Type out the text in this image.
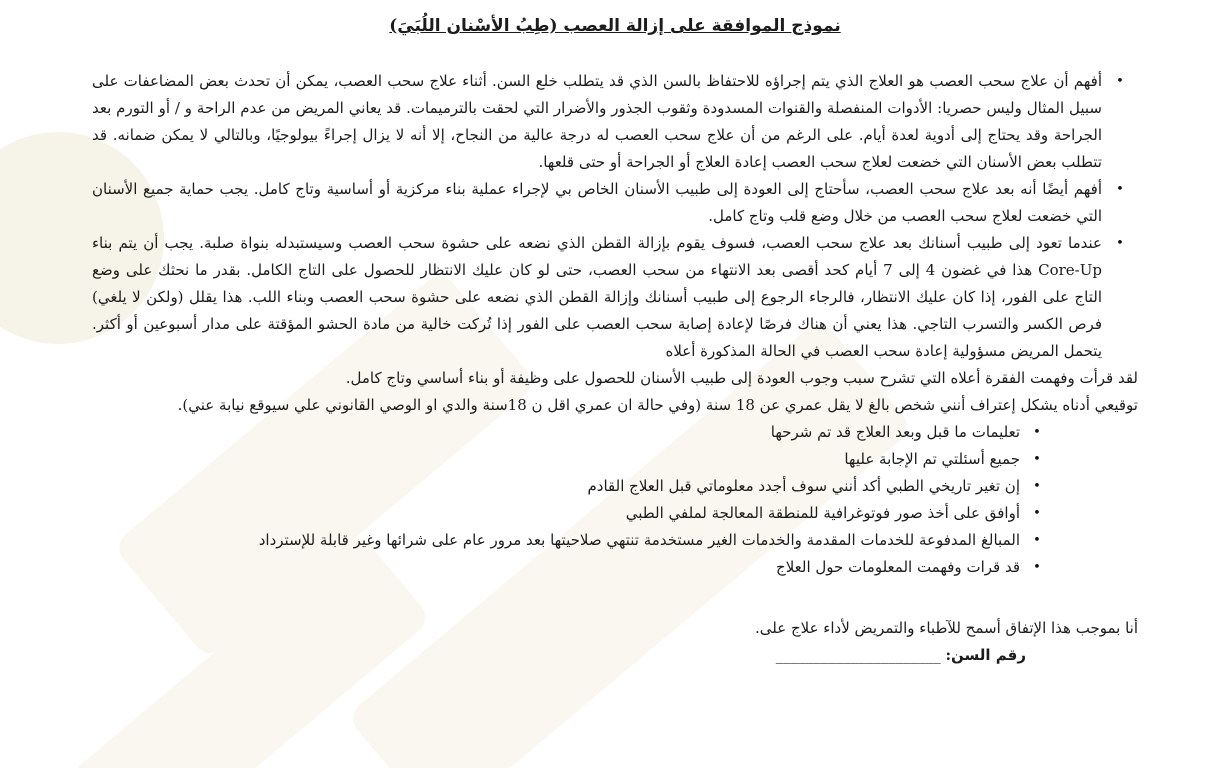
نموذج الموافقة على إزالة العصب (طِبُ الأسْنان اللُبَيَ)
•
أفهم أن علاج سحب العصب هو العلاج الذي يتم إجراؤه للاحتفاظ بالسن الذي قد يتطلب خلع السن. أثناء علاج سحب العصب، يمكن أن تحدث بعض المضاعفات على سبيل المثال وليس حصريا: الأدوات المنفصلة والقنوات المسدودة وثقوب الجذور والأضرار التي لحقت بالترميمات. قد يعاني المريض من عدم الراحة و / أو التورم بعد الجراحة وقد يحتاج إلى أدوية لعدة أيام. على الرغم من أن علاج سحب العصب له درجة عالية من النجاح، إلا أنه لا يزال إجراءً بيولوجيًا، وبالتالي لا يمكن ضمانه. قد تتطلب بعض الأسنان التي خضعت لعلاج سحب العصب إعادة العلاج أو الجراحة أو حتى قلعها.
•
أفهم أيضًا أنه بعد علاج سحب العصب، سأحتاج إلى العودة إلى طبيب الأسنان الخاص بي لإجراء عملية بناء مركزية أو أساسية وتاج كامل. يجب حماية جميع الأسنان التي خضعت لعلاج سحب العصب من خلال وضع قلب وتاج كامل.
•
عندما تعود إلى طبيب أسنانك بعد علاج سحب العصب، فسوف يقوم بإزالة القطن الذي نضعه على حشوة سحب العصب وسيستبدله بنواة صلبة. يجب أن يتم بناء Core-Up هذا في غضون 4 إلى 7 أيام كحد أقصى بعد الانتهاء من سحب العصب، حتى لو كان عليك الانتظار للحصول على التاج الكامل. بقدر ما نحثك على وضع التاج على الفور، إذا كان عليك الانتظار، فالرجاء الرجوع إلى طبيب أسنانك وإزالة القطن الذي نضعه على حشوة سحب العصب وبناء اللب. هذا يقلل (ولكن لا يلغي) فرص الكسر والتسرب التاجي. هذا يعني أن هناك فرصًا لإعادة إصابة سحب العصب على الفور إذا تُركت خالية من مادة الحشو المؤقتة على مدار أسبوعين أو أكثر. يتحمل المريض مسؤولية إعادة سحب العصب في الحالة المذكورة أعلاه

لقد قرأت وفهمت الفقرة أعلاه التي تشرح سبب وجوب العودة إلى طبيب الأسنان للحصول على وظيفة أو بناء أساسي وتاج كامل.

توقيعي أدناه يشكل إعتراف أنني شخص بالغ لا يقل عمري عن 18 سنة (وفي حالة ان عمري اقل ن 18سنة والدي او الوصي القانوني علي سيوقع نيابة عني).

•
تعليمات ما قبل وبعد العلاج قد تم شرحها
•
جميع أسئلتي تم الإجابة عليها
•
إن تغير تاريخي الطبي أكد أنني سوف أجدد معلوماتي قبل العلاج القادم
•
أوافق على أخذ صور فوتوغرافية للمنطقة المعالجة لملفي الطبي
•
المبالغ المدفوعة للخدمات المقدمة والخدمات الغير مستخدمة تنتهي صلاحيتها بعد مرور عام على شرائها وغير قابلة للإسترداد
•
قد قرات وفهمت المعلومات حول العلاج

أنا بموجب هذا الإتفاق أسمح للآطباء والتمريض لأداء علاج على.

رقم السن: ______________________
